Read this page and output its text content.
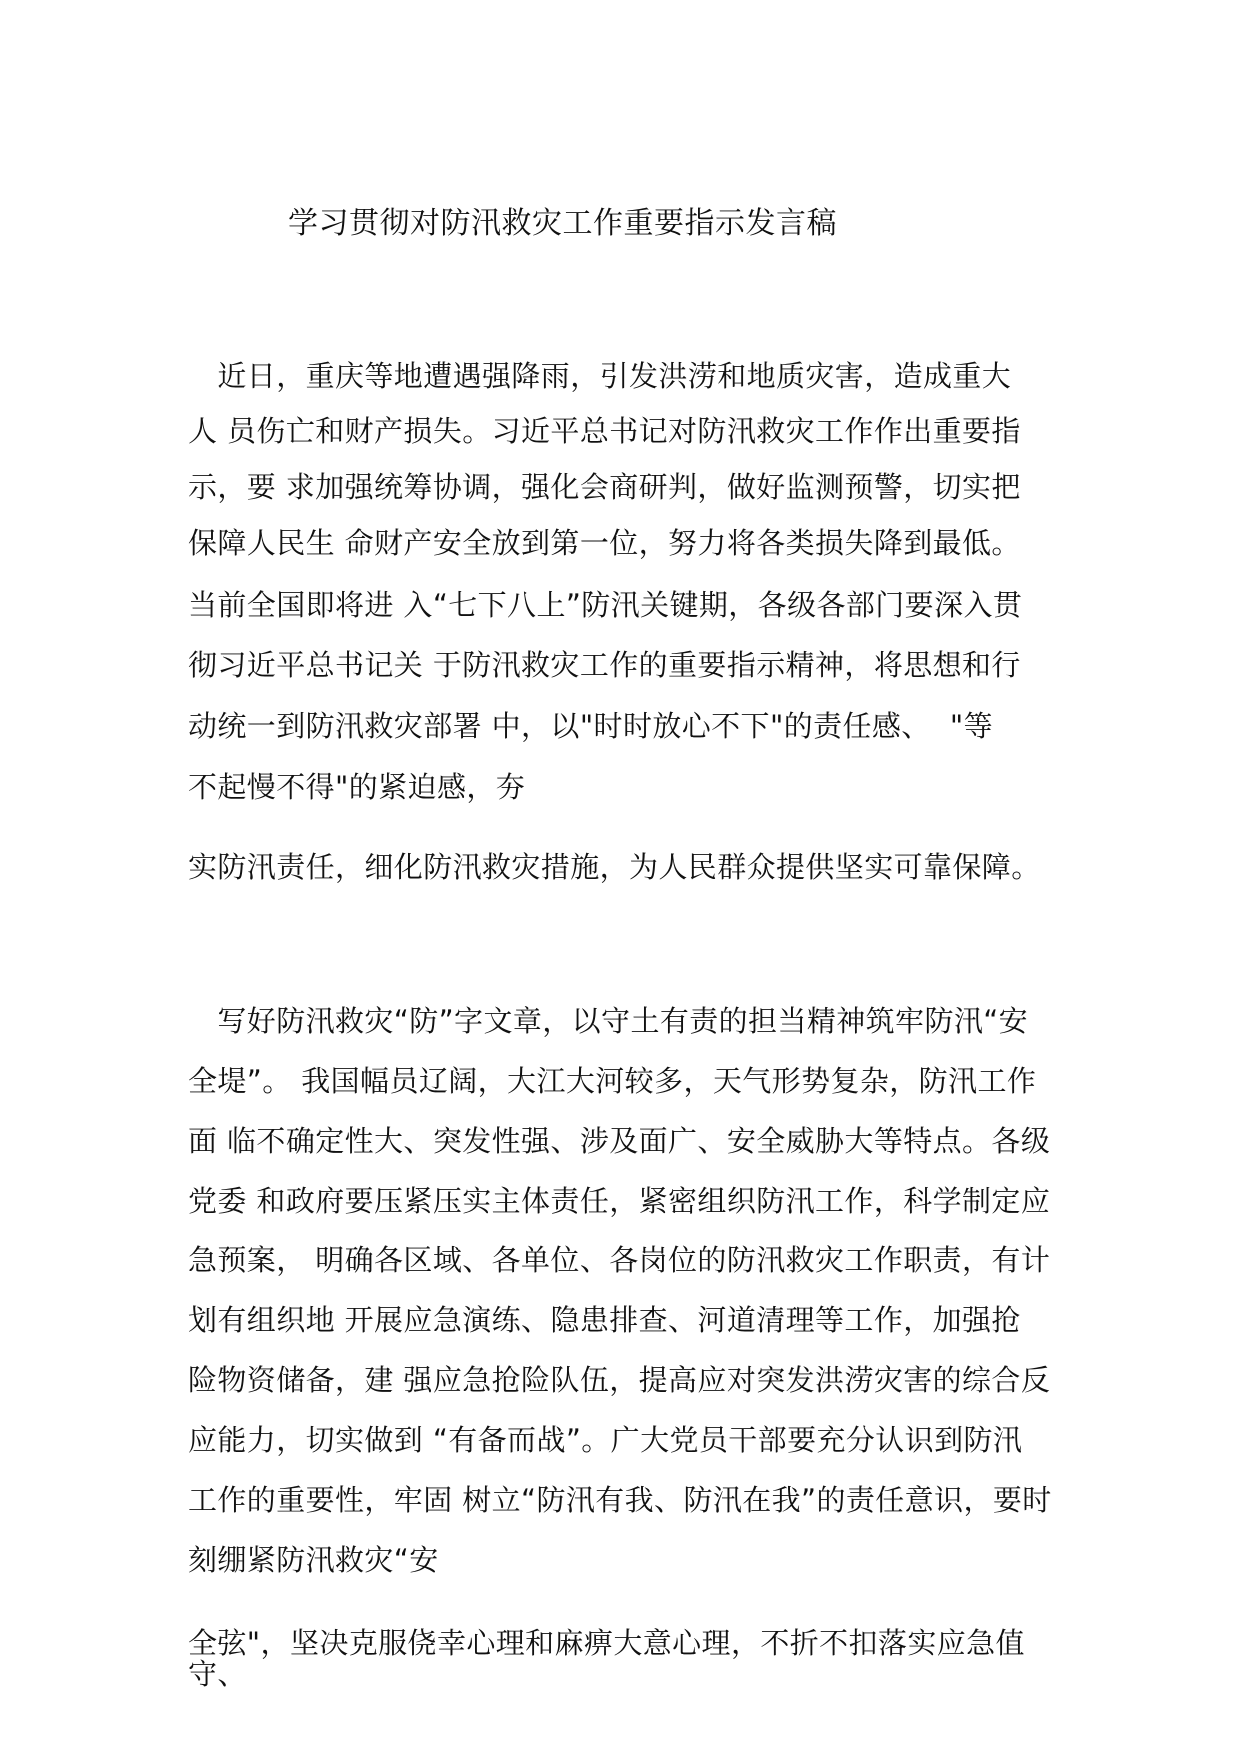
学习贯彻对防汛救灾工作重要指示发言稿
　近日，重庆等地遭遇强降雨，引发洪涝和地质灾害，造成重大
人 员伤亡和财产损失。习近平总书记对防汛救灾工作作出重要指
示，要 求加强统筹协调，强化会商研判，做好监测预警，切实把
保障人民生 命财产安全放到第一位，努力将各类损失降到最低。
当前全国即将进 入“七下八上”防汛关键期，各级各部门要深入贯
彻习近平总书记关 于防汛救灾工作的重要指示精神，将思想和行
动统一到防汛救灾部署 中，以"时时放心不下"的责任感、  "等
不起慢不得"的紧迫感，夯
实防汛责任，细化防汛救灾措施，为人民群众提供坚实可靠保障。
　写好防汛救灾“防”字文章，以守土有责的担当精神筑牢防汛“安
全堤”。 我国幅员辽阔，大江大河较多，天气形势复杂，防汛工作
面 临不确定性大、突发性强、涉及面广、安全威胁大等特点。各级
党委 和政府要压紧压实主体责任，紧密组织防汛工作，科学制定应
急预案， 明确各区域、各单位、各岗位的防汛救灾工作职责，有计
划有组织地 开展应急演练、隐患排查、河道清理等工作，加强抢
险物资储备，建 强应急抢险队伍，提高应对突发洪涝灾害的综合反
应能力，切实做到 “有备而战”。广大党员干部要充分认识到防汛
工作的重要性，牢固 树立“防汛有我、防汛在我”的责任意识，要时
刻绷紧防汛救灾“安
全弦"，坚决克服侥幸心理和麻痹大意心理，不折不扣落实应急值
守、
